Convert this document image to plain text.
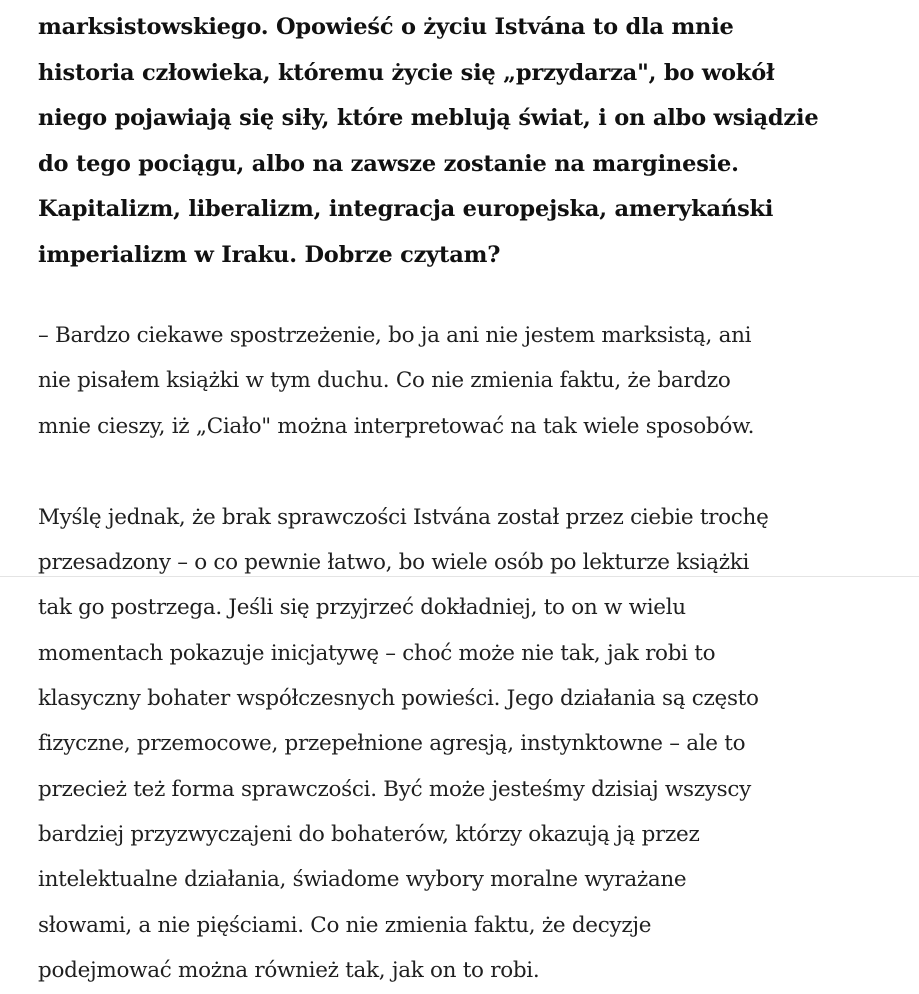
marksistowskiego. Opowieść o życiu Istvána to dla mnie
historia człowieka, któremu życie się „przydarza", bo wokół
niego pojawiają się siły, które meblują świat, i on albo wsiądzie
do tego pociągu, albo na zawsze zostanie na marginesie.
Kapitalizm, liberalizm, integracja europejska, amerykański
imperializm w Iraku. Dobrze czytam?

– Bardzo ciekawe spostrzeżenie, bo ja ani nie jestem marksistą, ani
nie pisałem książki w tym duchu. Co nie zmienia faktu, że bardzo
mnie cieszy, iż „Ciało" można interpretować na tak wiele sposobów.

Myślę jednak, że brak sprawczości Istvána został przez ciebie trochę
przesadzony – o co pewnie łatwo, bo wiele osób po lekturze książki
tak go postrzega. Jeśli się przyjrzeć dokładniej, to on w wielu
momentach pokazuje inicjatywę – choć może nie tak, jak robi to
klasyczny bohater współczesnych powieści. Jego działania są często
fizyczne, przemocowe, przepełnione agresją, instynktowne – ale to
przecież też forma sprawczości. Być może jesteśmy dzisiaj wszyscy
bardziej przyzwyczajeni do bohaterów, którzy okazują ją przez
intelektualne działania, świadome wybory moralne wyrażane
słowami, a nie pięściami. Co nie zmienia faktu, że decyzje
podejmować można również tak, jak on to robi.
